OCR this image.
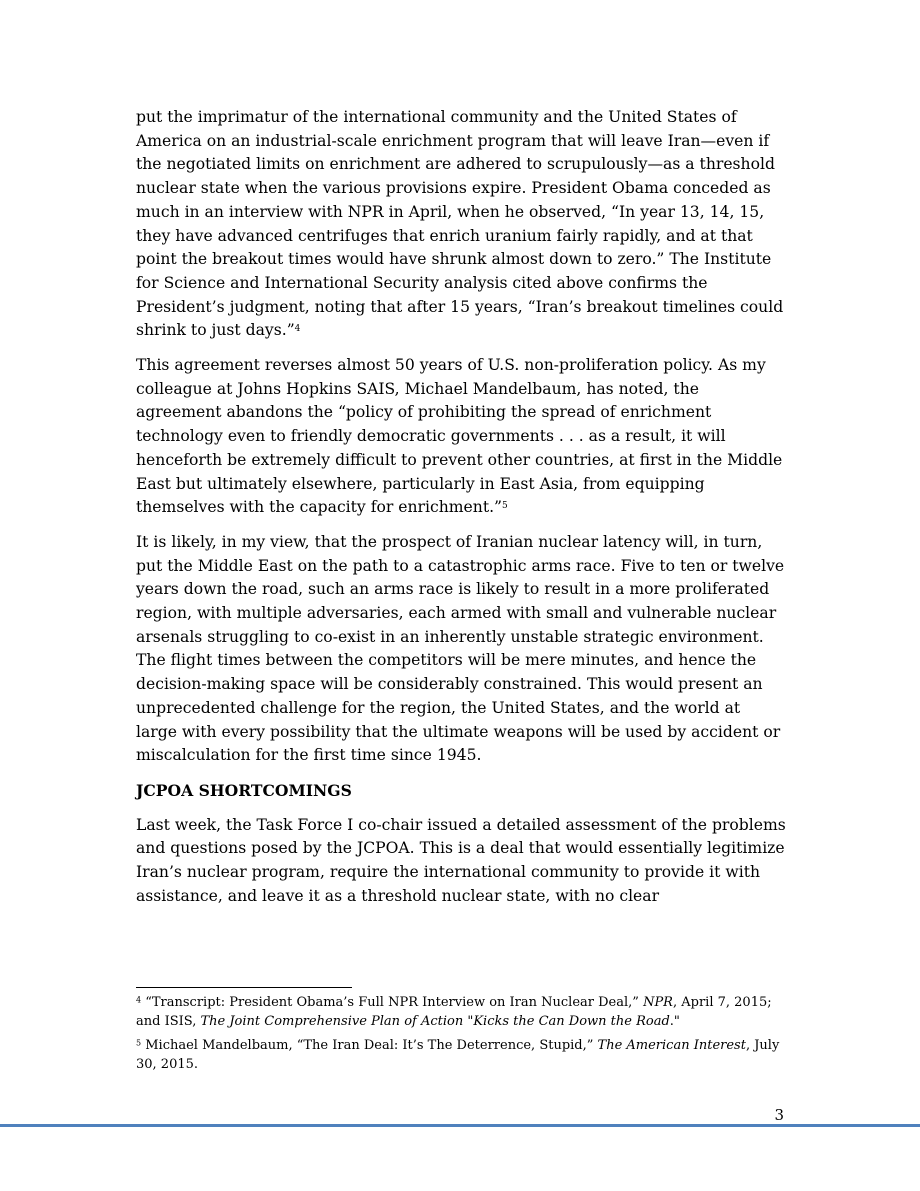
put the imprimatur of the international community and the United States of America on an industrial-scale enrichment program that will leave Iran—even if the negotiated limits on enrichment are adhered to scrupulously—as a threshold nuclear state when the various provisions expire. President Obama conceded as much in an interview with NPR in April, when he observed, “In year 13, 14, 15, they have advanced centrifuges that enrich uranium fairly rapidly, and at that point the breakout times would have shrunk almost down to zero.” The Institute for Science and International Security analysis cited above confirms the President’s judgment, noting that after 15 years, “Iran’s breakout timelines could shrink to just days.”$^4$

This agreement reverses almost 50 years of U.S. non-proliferation policy. As my colleague at Johns Hopkins SAIS, Michael Mandelbaum, has noted, the agreement abandons the “policy of prohibiting the spread of enrichment technology even to friendly democratic governments . . . as a result, it will henceforth be extremely difficult to prevent other countries, at first in the Middle East but ultimately elsewhere, particularly in East Asia, from equipping themselves with the capacity for enrichment.”$^5$

It is likely, in my view, that the prospect of Iranian nuclear latency will, in turn, put the Middle East on the path to a catastrophic arms race. Five to ten or twelve years down the road, such an arms race is likely to result in a more proliferated region, with multiple adversaries, each armed with small and vulnerable nuclear arsenals struggling to co-exist in an inherently unstable strategic environment. The flight times between the competitors will be mere minutes, and hence the decision-making space will be considerably constrained. This would present an unprecedented challenge for the region, the United States, and the world at large with every possibility that the ultimate weapons will be used by accident or miscalculation for the first time since 1945.

JCPOA SHORTCOMINGS

Last week, the Task Force I co-chair issued a detailed assessment of the problems and questions posed by the JCPOA. This is a deal that would essentially legitimize Iran’s nuclear program, require the international community to provide it with assistance, and leave it as a threshold nuclear state, with no clear

$^4$ “Transcript: President Obama’s Full NPR Interview on Iran Nuclear Deal,” NPR, April 7, 2015; and ISIS, The Joint Comprehensive Plan of Action "Kicks the Can Down the Road."

$^5$ Michael Mandelbaum, “The Iran Deal: It’s The Deterrence, Stupid,” The American Interest, July 30, 2015.

3
